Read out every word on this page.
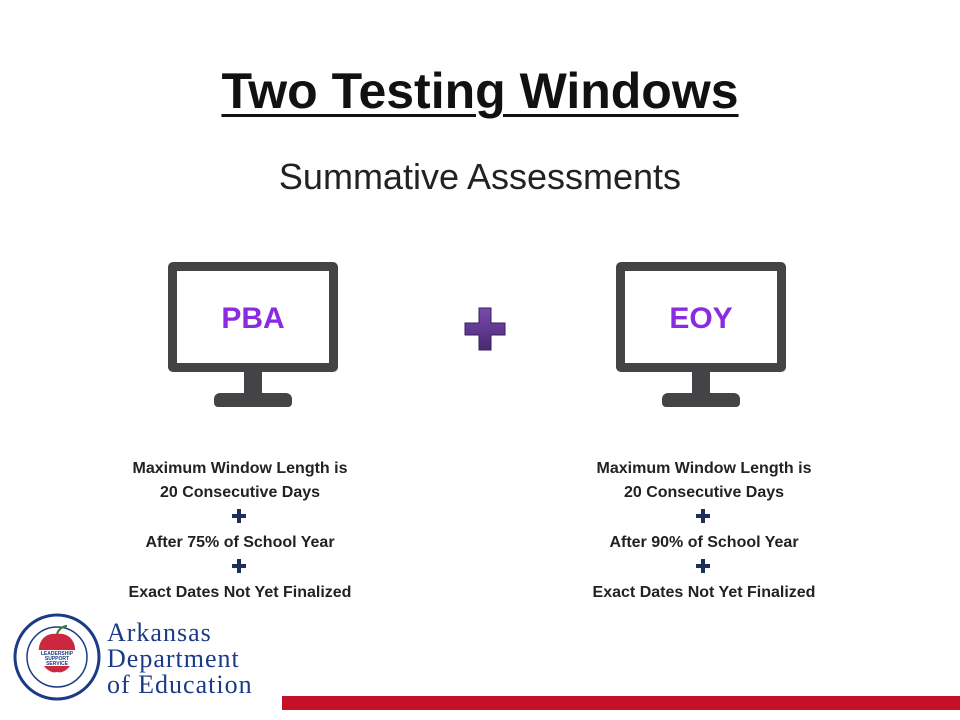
Two Testing Windows
Summative Assessments
PBA	EOY
Maximum Window Length is
20 Consecutive Days
After 75% of School Year
Exact Dates Not Yet Finalized
Maximum Window Length is
20 Consecutive Days
After 90% of School Year
Exact Dates Not Yet Finalized
LEADERSHIP
SUPPORT
SERVICE
Arkansas
Department
of Education
